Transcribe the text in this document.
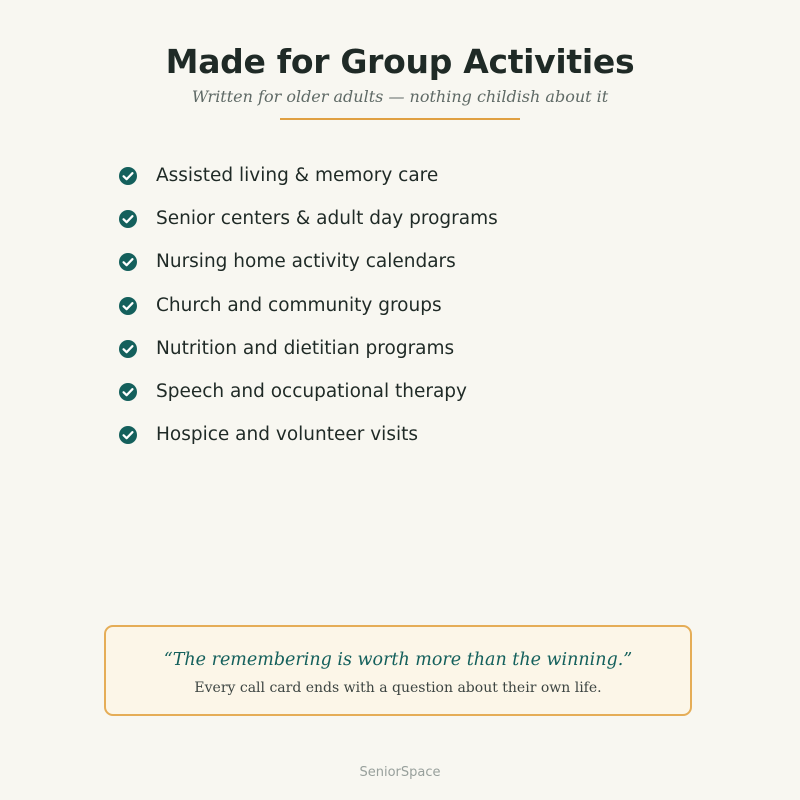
Made for Group Activities
Written for older adults — nothing childish about it
Assisted living & memory care
Senior centers & adult day programs
Nursing home activity calendars
Church and community groups
Nutrition and dietitian programs
Speech and occupational therapy
Hospice and volunteer visits
“The remembering is worth more than the winning.”
Every call card ends with a question about their own life.
SeniorSpace
